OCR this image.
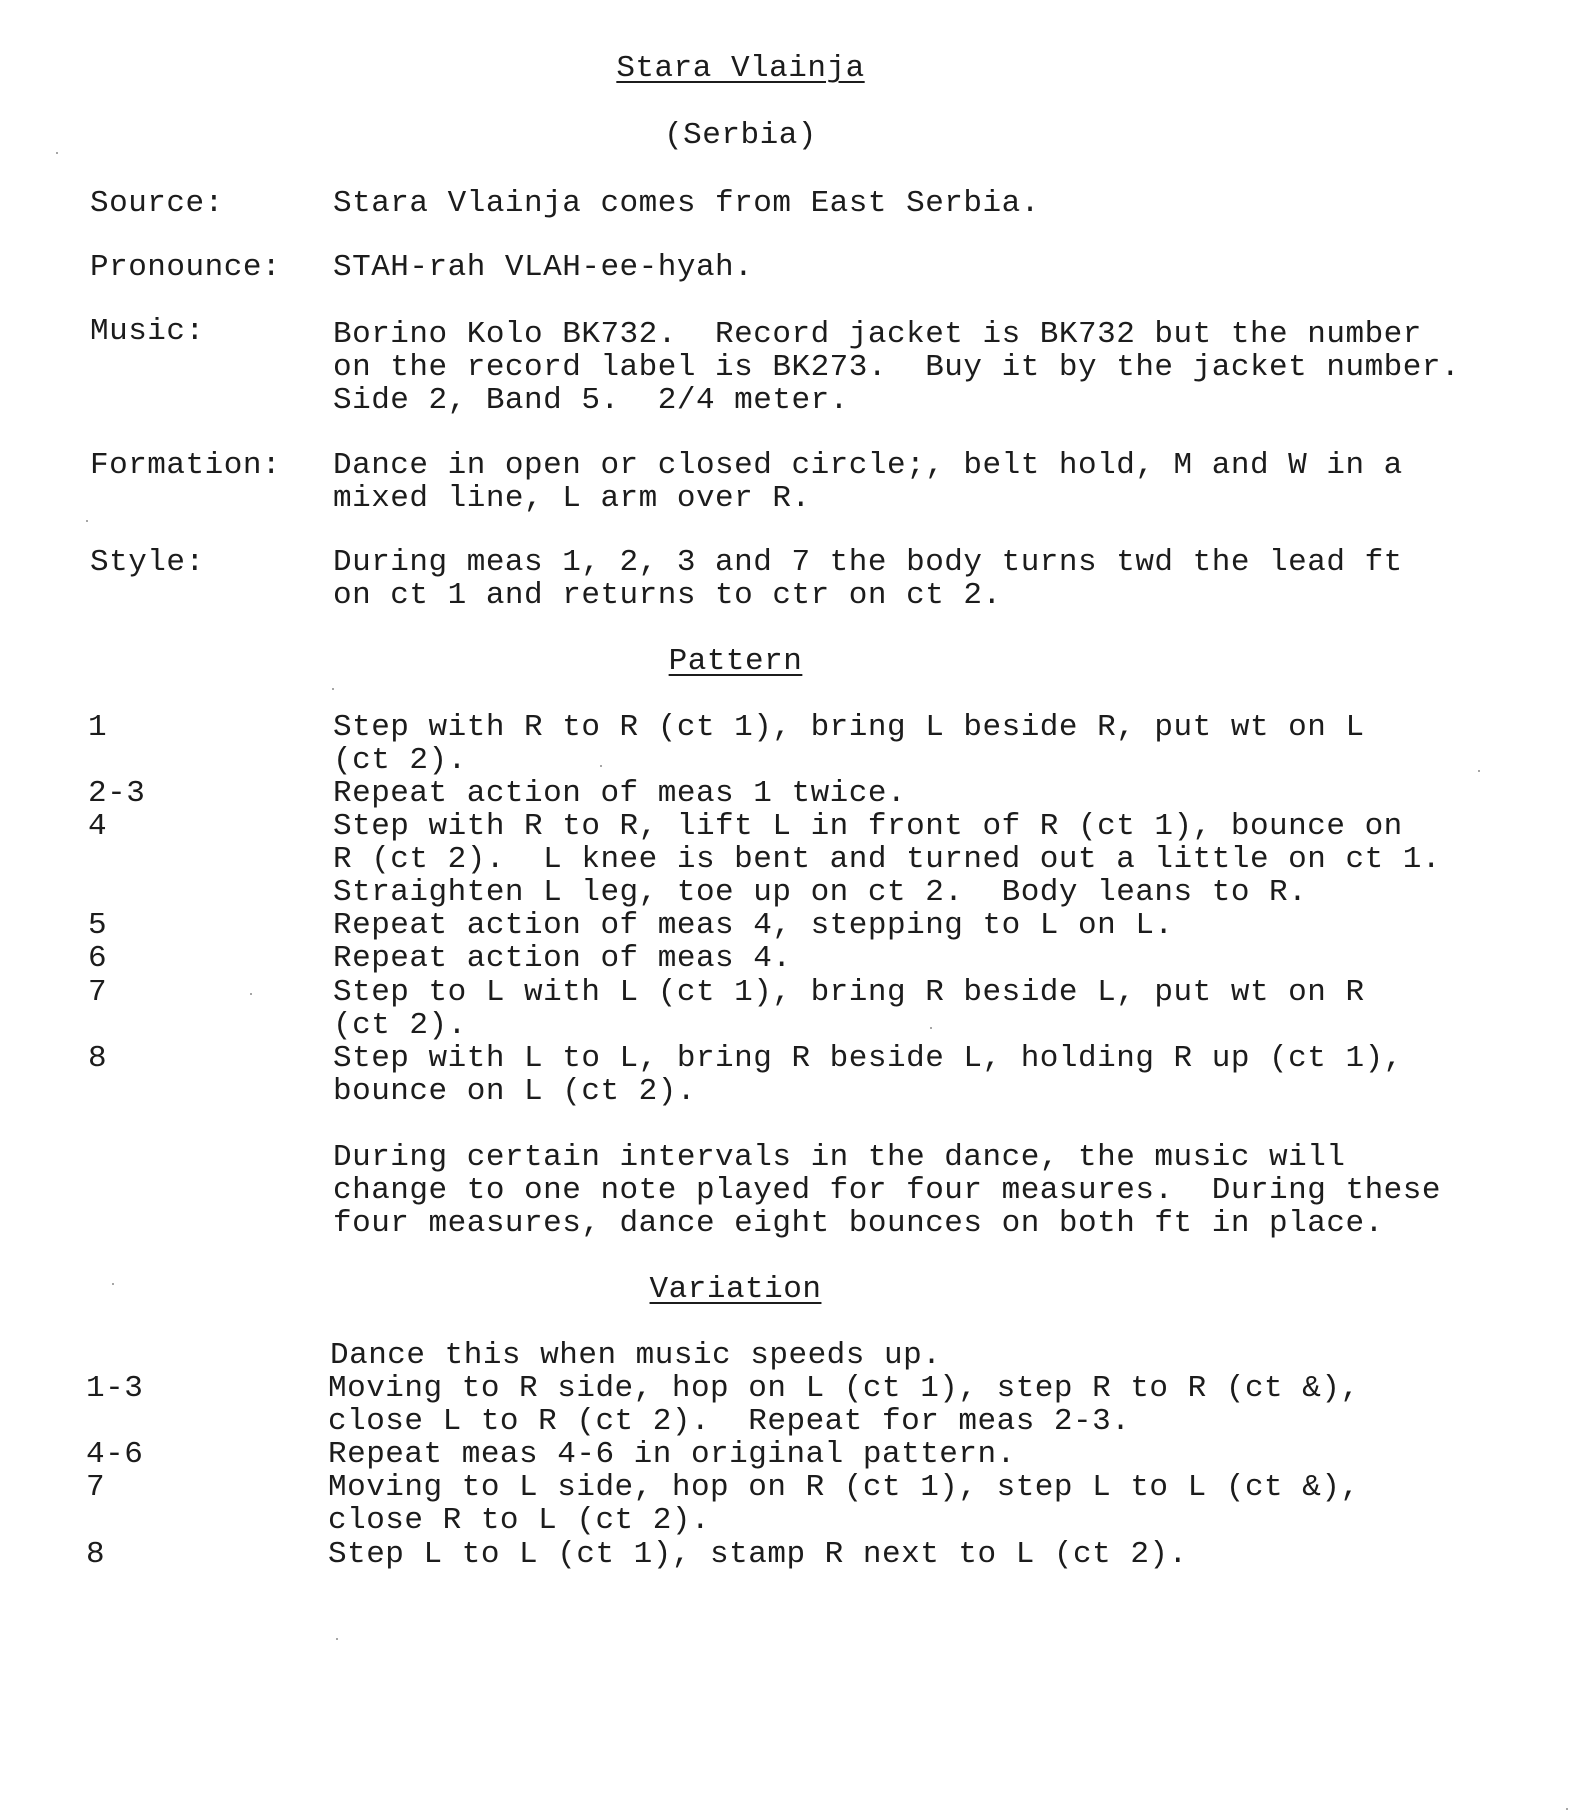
Stara Vlainja
(Serbia)
Source:	Stara Vlainja comes from East Serbia.
Pronounce: STAH-rah VLAH-ee-hyah.
Music:	Borino Kolo BK732.  Record jacket is BK732 but the number
on the record label is BK273.  Buy it by the jacket number.
Side 2, Band 5.  2/4 meter.
Formation: Dance in open or closed circle;, belt hold, M and W in a
mixed line, L arm over R.
Style:	During meas 1, 2, 3 and 7 the body turns twd the lead ft
on ct 1 and returns to ctr on ct 2.
Pattern
1	Step with R to R (ct 1), bring L beside R, put wt on L
(ct 2).
2-3	Repeat action of meas 1 twice.
4	Step with R to R, lift L in front of R (ct 1), bounce on
R (ct 2).  L knee is bent and turned out a little on ct 1.
Straighten L leg, toe up on ct 2.  Body leans to R.
5	Repeat action of meas 4, stepping to L on L.
6	Repeat action of meas 4.
7	Step to L with L (ct 1), bring R beside L, put wt on R
(ct 2).
8	Step with L to L, bring R beside L, holding R up (ct 1),
bounce on L (ct 2).
During certain intervals in the dance, the music will
change to one note played for four measures.  During these
four measures, dance eight bounces on both ft in place.
Variation
Dance this when music speeds up.
1-3	Moving to R side, hop on L (ct 1), step R to R (ct &),
close L to R (ct 2).  Repeat for meas 2-3.
4-6	Repeat meas 4-6 in original pattern.
7	Moving to L side, hop on R (ct 1), step L to L (ct &),
close R to L (ct 2).
8	Step L to L (ct 1), stamp R next to L (ct 2).
